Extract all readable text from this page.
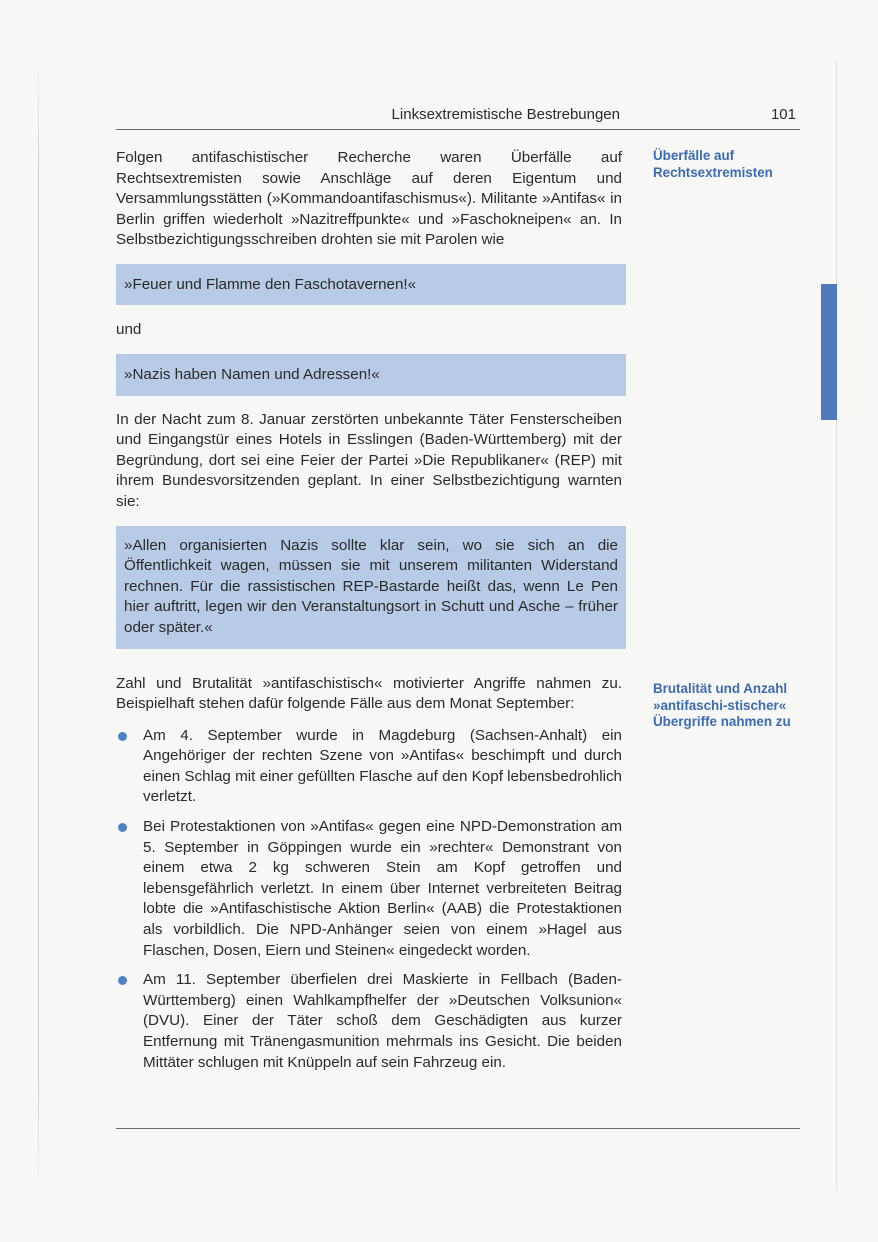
Linksextremistische Bestrebungen	101
Überfälle auf Rechtsextremisten
Brutalität und Anzahl »antifaschi-stischer« Übergriffe nahmen zu

Folgen antifaschistischer Recherche waren Überfälle auf Rechtsextremisten sowie Anschläge auf deren Eigentum und Versammlungsstätten (»Kommandoantifaschismus«). Militante »Antifas« in Berlin griffen wiederholt »Nazitreffpunkte« und »Faschokneipen« an. In Selbstbezichtigungsschreiben drohten sie mit Parolen wie

»Feuer und Flamme den Faschotavernen!«

und

»Nazis haben Namen und Adressen!«

In der Nacht zum 8. Januar zerstörten unbekannte Täter Fensterscheiben und Eingangstür eines Hotels in Esslingen (Baden-Württemberg) mit der Begründung, dort sei eine Feier der Partei »Die Republikaner« (REP) mit ihrem Bundesvorsitzenden geplant. In einer Selbstbezichtigung warnten sie:

»Allen organisierten Nazis sollte klar sein, wo sie sich an die Öffentlichkeit wagen, müssen sie mit unserem militanten Widerstand rechnen. Für die rassistischen REP-Bastarde heißt das, wenn Le Pen hier auftritt, legen wir den Veranstaltungsort in Schutt und Asche – früher oder später.«

Zahl und Brutalität »antifaschistisch« motivierter Angriffe nahmen zu. Beispielhaft stehen dafür folgende Fälle aus dem Monat September:

Am 4. September wurde in Magdeburg (Sachsen-Anhalt) ein Angehöriger der rechten Szene von »Antifas« beschimpft und durch einen Schlag mit einer gefüllten Flasche auf den Kopf lebensbedrohlich verletzt.
Bei Protestaktionen von »Antifas« gegen eine NPD-Demonstration am 5. September in Göppingen wurde ein »rechter« Demonstrant von einem etwa 2 kg schweren Stein am Kopf getroffen und lebensgefährlich verletzt. In einem über Internet verbreiteten Beitrag lobte die »Antifaschistische Aktion Berlin« (AAB) die Protestaktionen als vorbildlich. Die NPD-Anhänger seien von einem »Hagel aus Flaschen, Dosen, Eiern und Steinen« eingedeckt worden.
Am 11. September überfielen drei Maskierte in Fellbach (Baden-Württemberg) einen Wahlkampfhelfer der »Deutschen Volksunion« (DVU). Einer der Täter schoß dem Geschädigten aus kurzer Entfernung mit Tränengasmunition mehrmals ins Gesicht. Die beiden Mittäter schlugen mit Knüppeln auf sein Fahrzeug ein.
